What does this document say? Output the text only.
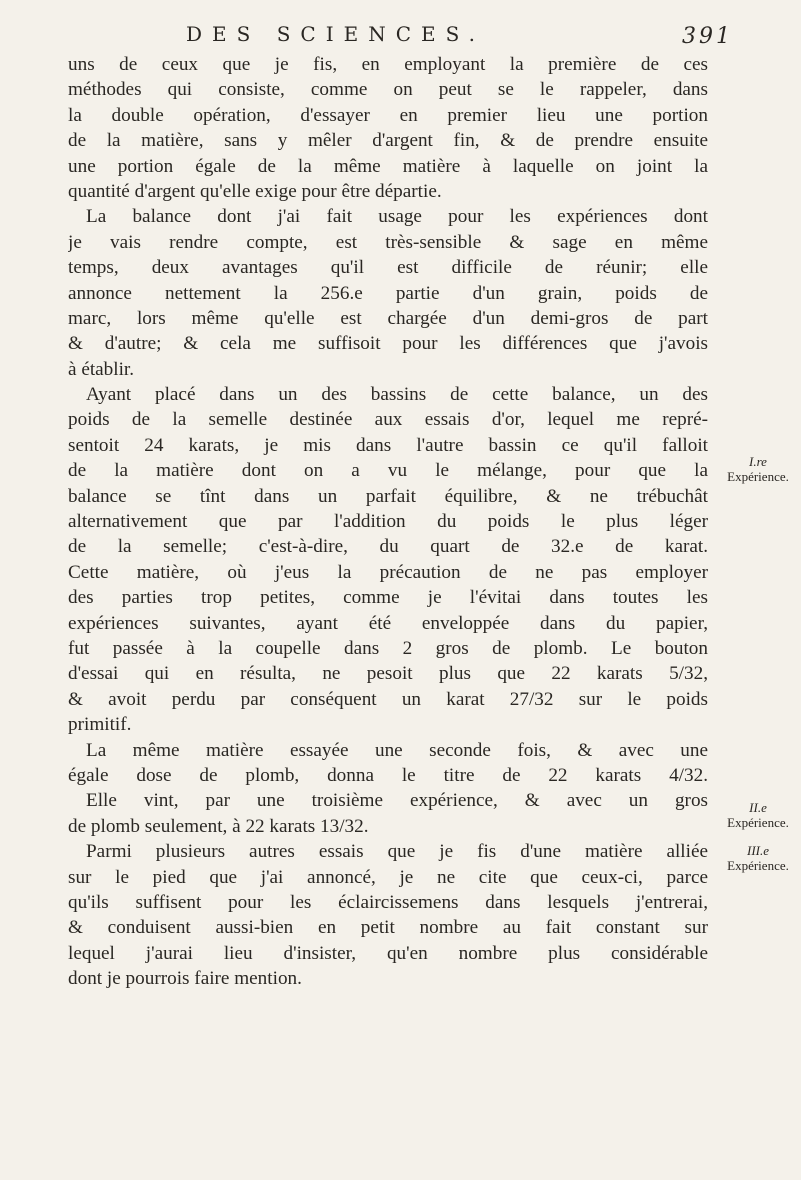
DES SCIENCES.	391
uns de ceux que je fis, en employant la première de ces
méthodes qui consiste, comme on peut se le rappeler, dans
la double opération, d'essayer en premier lieu une portion
de la matière, sans y mêler d'argent fin, & de prendre ensuite
une portion égale de la même matière à laquelle on joint la
quantité d'argent qu'elle exige pour être départie.
La balance dont j'ai fait usage pour les expériences dont
je vais rendre compte, est très-sensible & sage en même
temps, deux avantages qu'il est difficile de réunir; elle
annonce nettement la 256.e partie d'un grain, poids de
marc, lors même qu'elle est chargée d'un demi-gros de part
& d'autre; & cela me suffisoit pour les différences que j'avois
à établir.
Ayant placé dans un des bassins de cette balance, un des
poids de la semelle destinée aux essais d'or, lequel me repré-
sentoit 24 karats, je mis dans l'autre bassin ce qu'il falloit
de la matière dont on a vu le mélange, pour que la
balance se tînt dans un parfait équilibre, & ne trébuchât
alternativement que par l'addition du poids le plus léger
de la semelle; c'est-à-dire, du quart de 32.e de karat.
Cette matière, où j'eus la précaution de ne pas employer
des parties trop petites, comme je l'évitai dans toutes les
expériences suivantes, ayant été enveloppée dans du papier,
fut passée à la coupelle dans 2 gros de plomb. Le bouton
d'essai qui en résulta, ne pesoit plus que 22 karats 5/32,
& avoit perdu par conséquent un karat 27/32 sur le poids
primitif.
La même matière essayée une seconde fois, & avec une
égale dose de plomb, donna le titre de 22 karats 4/32.
Elle vint, par une troisième expérience, & avec un gros
de plomb seulement, à 22 karats 13/32.
Parmi plusieurs autres essais que je fis d'une matière alliée
sur le pied que j'ai annoncé, je ne cite que ceux-ci, parce
qu'ils suffisent pour les éclaircissemens dans lesquels j'entrerai,
& conduisent aussi-bien en petit nombre au fait constant sur
lequel j'aurai lieu d'insister, qu'en nombre plus considérable
dont je pourrois faire mention.
I.re
Expérience.
II.e
Expérience.
III.e
Expérience.
